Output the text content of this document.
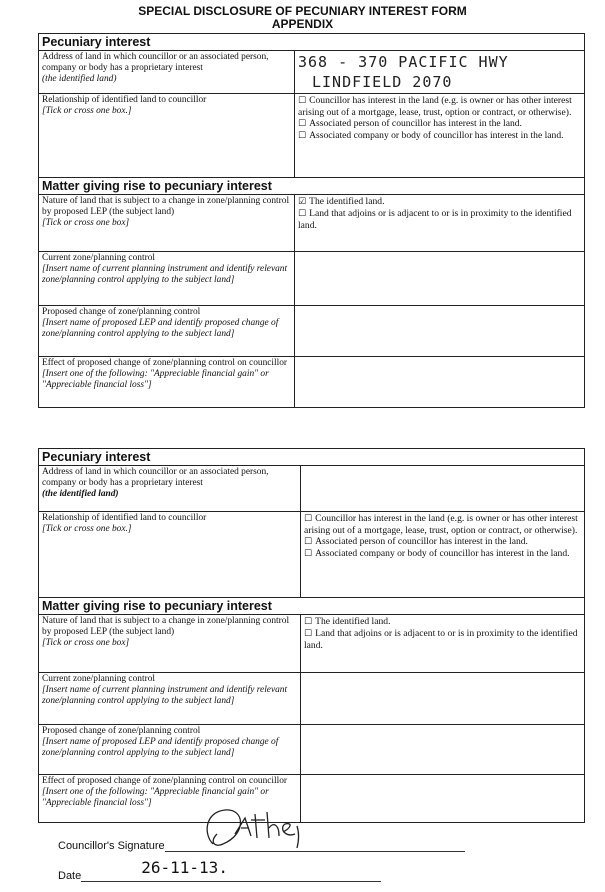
SPECIAL DISCLOSURE OF PECUNIARY INTEREST FORM
APPENDIX
Pecuniary interest	
Address of land in which councillor or an associated person, company or body has a proprietary interest
(the identified land)	368 - 370 PACIFIC HWY
LINDFIELD 2070
Relationship of identified land to councillor
[Tick or cross one box.]	☐ Councillor has interest in the land (e.g. is owner or has other interest arising out of a mortgage, lease, trust, option or contract, or otherwise).
☐ Associated person of councillor has interest in the land.
☐ Associated company or body of councillor has interest in the land.

Matter giving rise to pecuniary interest	
Nature of land that is subject to a change in zone/planning control by proposed LEP (the subject land)
[Tick or cross one box]	☑ The identified land.
☐ Land that adjoins or is adjacent to or is in proximity to the identified land.

Current zone/planning control
[Insert name of current planning instrument and identify relevant zone/planning control applying to the subject land]	

Proposed change of zone/planning control
[Insert name of proposed LEP and identify proposed change of zone/planning control applying to the subject land]	

Effect of proposed change of zone/planning control on councillor
[Insert one of the following: "Appreciable financial gain" or "Appreciable financial loss"]	

Pecuniary interest	
Address of land in which councillor or an associated person, company or body has a proprietary interest
(the identified land)	

Relationship of identified land to councillor
[Tick or cross one box.]	☐ Councillor has interest in the land (e.g. is owner or has other interest arising out of a mortgage, lease, trust, option or contract, or otherwise).
☐ Associated person of councillor has interest in the land.
☐ Associated company or body of councillor has interest in the land.

Matter giving rise to pecuniary interest	
Nature of land that is subject to a change in zone/planning control by proposed LEP (the subject land)
[Tick or cross one box]	☐ The identified land.
☐ Land that adjoins or is adjacent to or is in proximity to the identified land.

Current zone/planning control
[Insert name of current planning instrument and identify relevant zone/planning control applying to the subject land]	

Proposed change of zone/planning control
[Insert name of proposed LEP and identify proposed change of zone/planning control applying to the subject land]	

Effect of proposed change of zone/planning control on councillor
[Insert one of the following: "Appreciable financial gain" or "Appreciable financial loss"]	

Councillor's Signature
Date	26-11-13.
